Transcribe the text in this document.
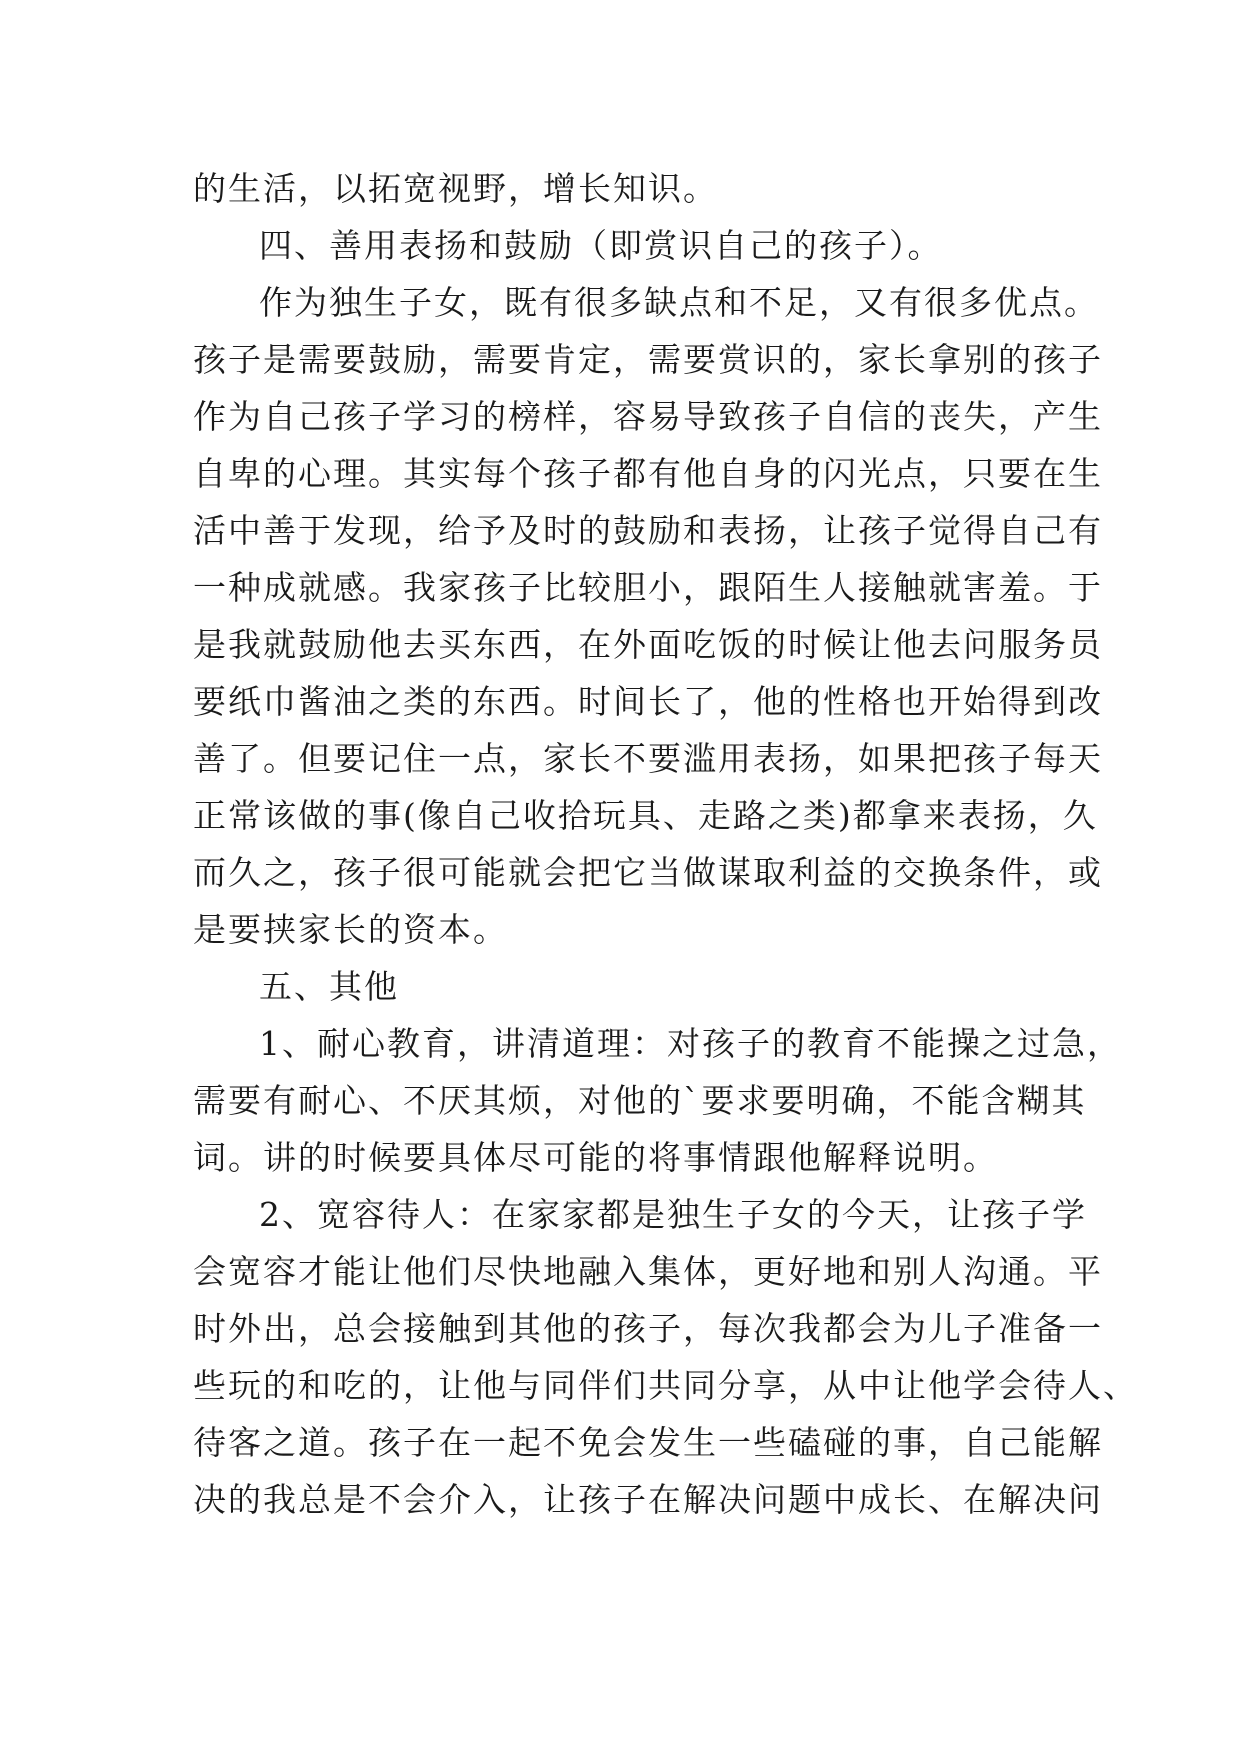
的生活，以拓宽视野，增长知识。
四、善用表扬和鼓励（即赏识自己的孩子）。
作为独生子女，既有很多缺点和不足，又有很多优点。
孩子是需要鼓励，需要肯定，需要赏识的，家长拿别的孩子
作为自己孩子学习的榜样，容易导致孩子自信的丧失，产生
自卑的心理。其实每个孩子都有他自身的闪光点，只要在生
活中善于发现，给予及时的鼓励和表扬，让孩子觉得自己有
一种成就感。我家孩子比较胆小，跟陌生人接触就害羞。于
是我就鼓励他去买东西，在外面吃饭的时候让他去问服务员
要纸巾酱油之类的东西。时间长了，他的性格也开始得到改
善了。但要记住一点，家长不要滥用表扬，如果把孩子每天
正常该做的事(像自己收拾玩具、走路之类)都拿来表扬，久
而久之，孩子很可能就会把它当做谋取利益的交换条件，或
是要挟家长的资本。
五、其他
1、耐心教育，讲清道理：对孩子的教育不能操之过急，
需要有耐心、不厌其烦，对他的`要求要明确，不能含糊其
词。讲的时候要具体尽可能的将事情跟他解释说明。
2、宽容待人：在家家都是独生子女的今天，让孩子学
会宽容才能让他们尽快地融入集体，更好地和别人沟通。平
时外出，总会接触到其他的孩子，每次我都会为儿子准备一
些玩的和吃的，让他与同伴们共同分享，从中让他学会待人、
待客之道。孩子在一起不免会发生一些磕碰的事，自己能解
决的我总是不会介入，让孩子在解决问题中成长、在解决问
